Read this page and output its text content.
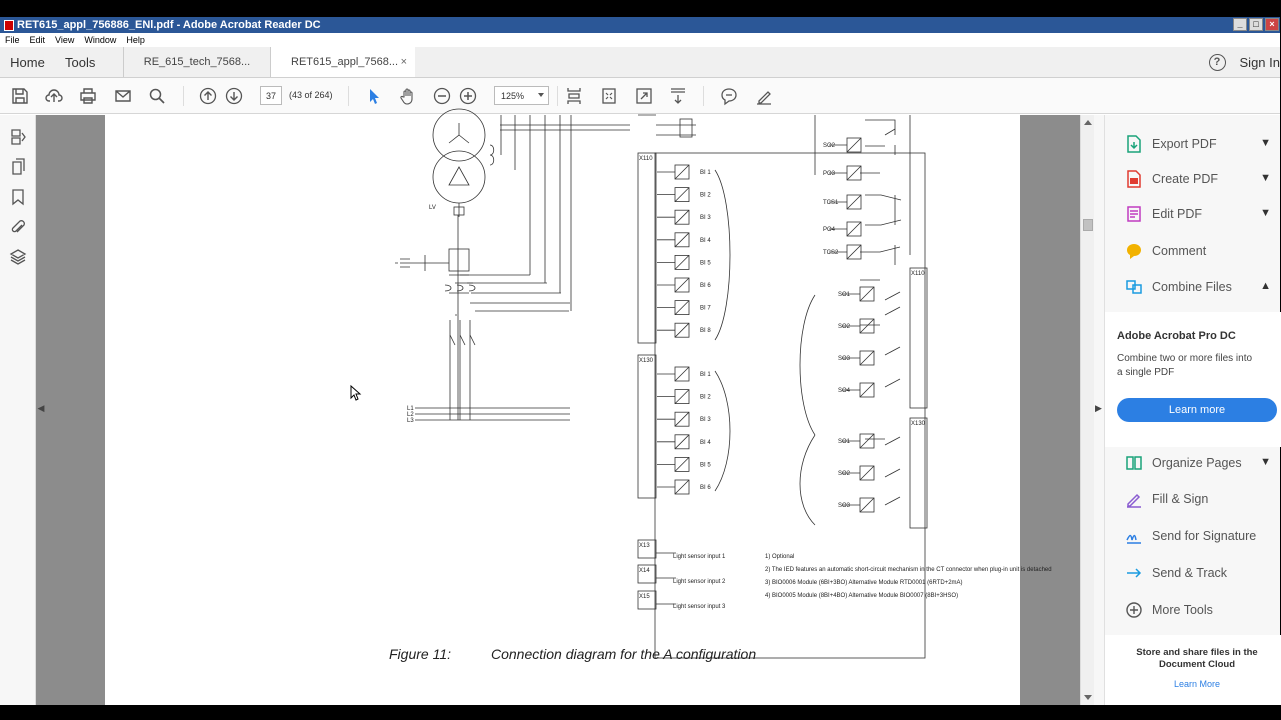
RET615_appl_756886_ENl.pdf - Adobe Acrobat Reader DC	_	□	×
File	Edit	View	Window	Help
Home	Tools	RE_615_tech_7568...	RET615_appl_7568... ×	?	Sign In
37	(43 of 264)	125%
◀
BI 1
BI 2
BI 3
BI 4
BI 5
BI 6
BI 7
BI 8
BI 1
BI 2
BI 3
BI 4
BI 5
BI 6
SO2
PO3
TCS1
PO4
TCS2
SO1
SO2
SO3
SO4
SO1
SO2
SO3
X110
X130
X110
X130
X13
X14
X15
Light sensor input 1
Light sensor input 2
Light sensor input 3
1) Optional
2) The IED features an automatic short-circuit mechanism in the CT connector when plug-in unit is detached
3) BIO0006 Module (6BI+3BO) Alternative Module RTD0001 (6RTD+2mA)
4) BIO0005 Module (8BI+4BO) Alternative Module BIO0007 (8BI+3HSO)
LV
L1
L2
L3
Figure 11:	Connection diagram for the A configuration
▶
Export PDF	▼
Create PDF	▼
Edit PDF	▼
Comment
Combine Files	▲
Adobe Acrobat Pro DC
Combine two or more files into a single PDF
Learn more
Organize Pages ▼
Fill & Sign
Send for Signature
Send & Track
More Tools
Store and share files in the Document Cloud
Learn More
